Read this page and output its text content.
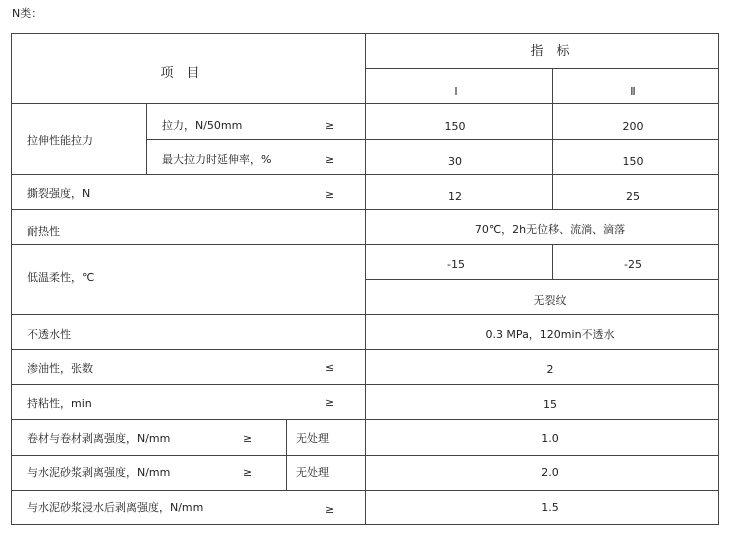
N类：
项　目
指　标
Ⅰ	Ⅱ
拉伸性能拉力
拉力，N/50mm	≥	150	200
最大拉力时延伸率，%	≥	30	150
撕裂强度，N	≥	12	25
耐热性	70℃，2h无位移、流淌、滴落
低温柔性，℃
-15	-25
无裂纹
不透水性	0.3 MPa，120min不透水
渗油性，张数	≤	2
持粘性，min	≥	15
卷材与卷材剥离强度，N/mm	≥	无处理	1.0
与水泥砂浆剥离强度，N/mm	≥	无处理	2.0
与水泥砂浆浸水后剥离强度，N/mm	≥	1.5
